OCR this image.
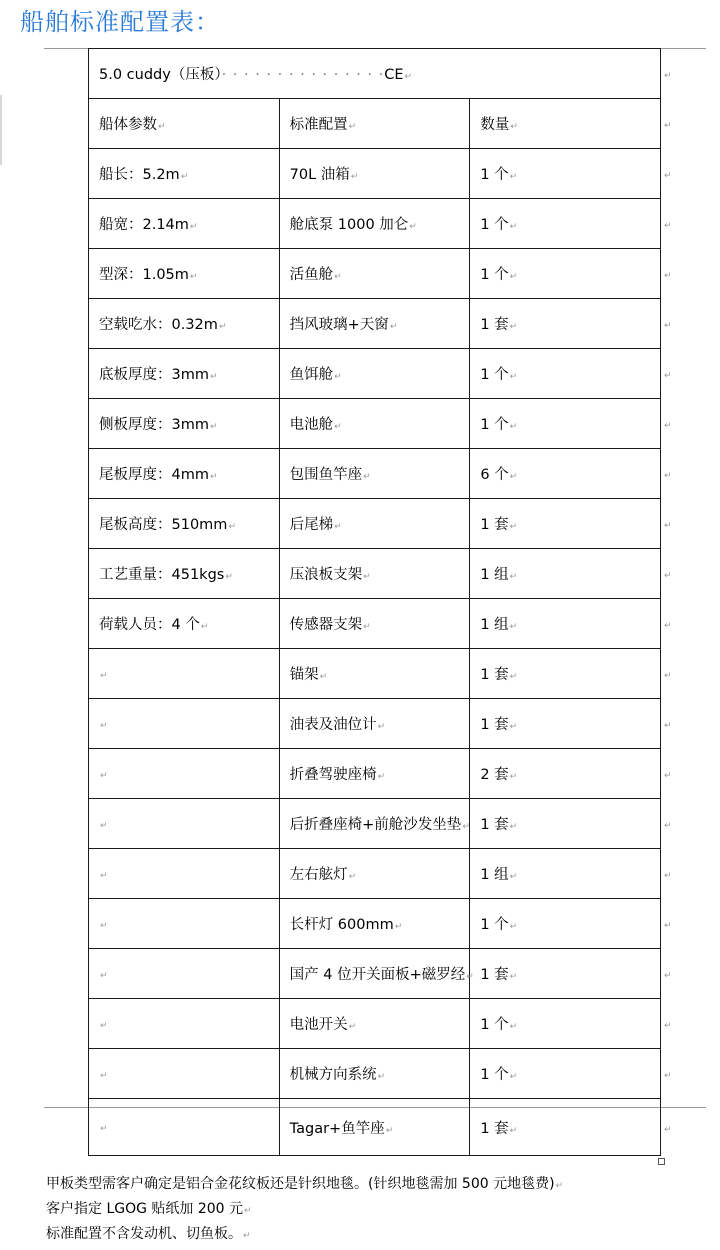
船舶标准配置表：
5.0 cuddy（压板）· · · · · · · · · · · · · · ·CE↵		
船体参数↵	标准配置↵	数量↵
船长：5.2m↵	70L 油箱↵	1 个↵
船宽：2.14m↵	舱底泵 1000 加仑↵	1 个↵
型深：1.05m↵	活鱼舱↵	1 个↵
空载吃水：0.32m↵	挡风玻璃+天窗↵	1 套↵
底板厚度：3mm↵	鱼饵舱↵	1 个↵
侧板厚度：3mm↵	电池舱↵	1 个↵
尾板厚度：4mm↵	包围鱼竿座↵	6 个↵
尾板高度：510mm↵	后尾梯↵	1 套↵
工艺重量：451kgs↵	压浪板支架↵	1 组↵
荷载人员：4 个↵	传感器支架↵	1 组↵
↵	锚架↵	1 套↵
↵	油表及油位计↵	1 套↵
↵	折叠驾驶座椅↵	2 套↵
↵	后折叠座椅+前舱沙发坐垫↵	1 套↵
↵	左右舷灯↵	1 组↵
↵	长杆灯 600mm↵	1 个↵
↵	国产 4 位开关面板+磁罗经↵	1 套↵
↵	电池开关↵	1 个↵
↵	机械方向系统↵	1 个↵
↵	Tagar+鱼竿座↵	1 套↵
甲板类型需客户确定是铝合金花纹板还是针织地毯。(针织地毯需加 500 元地毯费)↵
客户指定 LGOG 贴纸加 200 元↵
标准配置不含发动机、切鱼板。↵
↵
↵
↵
↵
↵
↵
↵
↵
↵
↵
↵
↵
↵
↵
↵
↵
↵
↵
↵
↵
↵
↵
